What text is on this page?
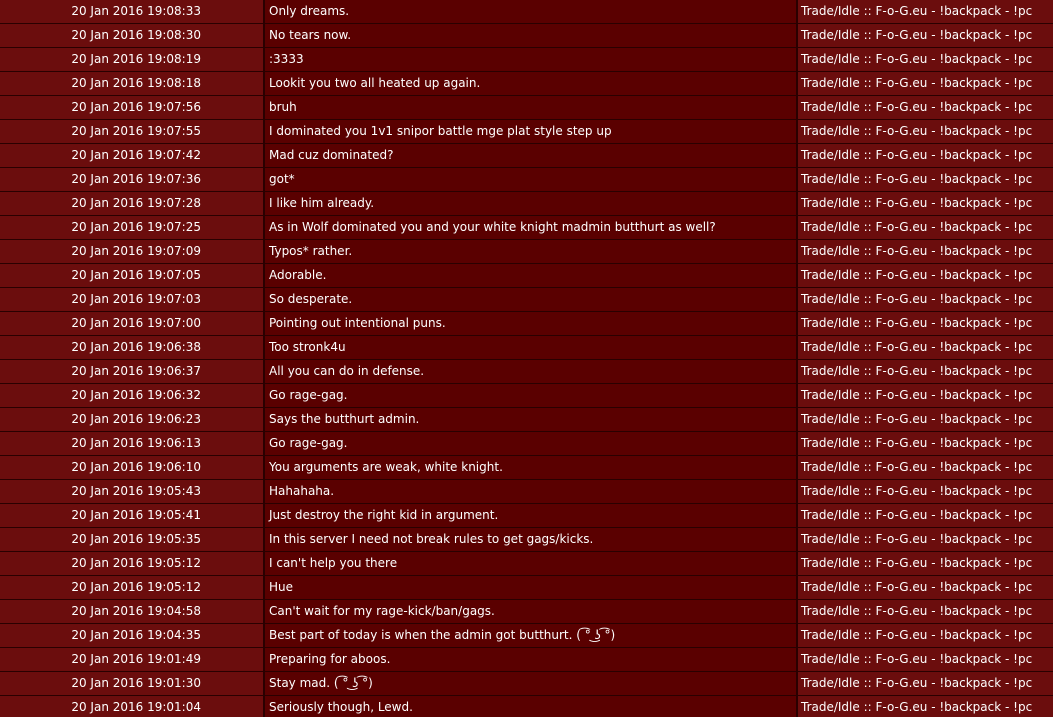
20 Jan 2016 19:08:33	Only dreams.	Trade/Idle :: F-o-G.eu - !backpack - !pc
20 Jan 2016 19:08:30	No tears now.	Trade/Idle :: F-o-G.eu - !backpack - !pc
20 Jan 2016 19:08:19	:3333	Trade/Idle :: F-o-G.eu - !backpack - !pc
20 Jan 2016 19:08:18	Lookit you two all heated up again.	Trade/Idle :: F-o-G.eu - !backpack - !pc
20 Jan 2016 19:07:56	bruh	Trade/Idle :: F-o-G.eu - !backpack - !pc
20 Jan 2016 19:07:55	I dominated you 1v1 snipor battle mge plat style step up	Trade/Idle :: F-o-G.eu - !backpack - !pc
20 Jan 2016 19:07:42	Mad cuz dominated?	Trade/Idle :: F-o-G.eu - !backpack - !pc
20 Jan 2016 19:07:36	got*	Trade/Idle :: F-o-G.eu - !backpack - !pc
20 Jan 2016 19:07:28	I like him already.	Trade/Idle :: F-o-G.eu - !backpack - !pc
20 Jan 2016 19:07:25	As in Wolf dominated you and your white knight madmin butthurt as well?	Trade/Idle :: F-o-G.eu - !backpack - !pc
20 Jan 2016 19:07:09	Typos* rather.	Trade/Idle :: F-o-G.eu - !backpack - !pc
20 Jan 2016 19:07:05	Adorable.	Trade/Idle :: F-o-G.eu - !backpack - !pc
20 Jan 2016 19:07:03	So desperate.	Trade/Idle :: F-o-G.eu - !backpack - !pc
20 Jan 2016 19:07:00	Pointing out intentional puns.	Trade/Idle :: F-o-G.eu - !backpack - !pc
20 Jan 2016 19:06:38	Too stronk4u	Trade/Idle :: F-o-G.eu - !backpack - !pc
20 Jan 2016 19:06:37	All you can do in defense.	Trade/Idle :: F-o-G.eu - !backpack - !pc
20 Jan 2016 19:06:32	Go rage-gag.	Trade/Idle :: F-o-G.eu - !backpack - !pc
20 Jan 2016 19:06:23	Says the butthurt admin.	Trade/Idle :: F-o-G.eu - !backpack - !pc
20 Jan 2016 19:06:13	Go rage-gag.	Trade/Idle :: F-o-G.eu - !backpack - !pc
20 Jan 2016 19:06:10	You arguments are weak, white knight.	Trade/Idle :: F-o-G.eu - !backpack - !pc
20 Jan 2016 19:05:43	Hahahaha.	Trade/Idle :: F-o-G.eu - !backpack - !pc
20 Jan 2016 19:05:41	Just destroy the right kid in argument.	Trade/Idle :: F-o-G.eu - !backpack - !pc
20 Jan 2016 19:05:35	In this server I need not break rules to get gags/kicks.	Trade/Idle :: F-o-G.eu - !backpack - !pc
20 Jan 2016 19:05:12	I can't help you there	Trade/Idle :: F-o-G.eu - !backpack - !pc
20 Jan 2016 19:05:12	Hue	Trade/Idle :: F-o-G.eu - !backpack - !pc
20 Jan 2016 19:04:58	Can't wait for my rage-kick/ban/gags.	Trade/Idle :: F-o-G.eu - !backpack - !pc
20 Jan 2016 19:04:35	Best part of today is when the admin got butthurt. ( ͡° ͜ʖ ͡°)	Trade/Idle :: F-o-G.eu - !backpack - !pc
20 Jan 2016 19:01:49	Preparing for aboos.	Trade/Idle :: F-o-G.eu - !backpack - !pc
20 Jan 2016 19:01:30	Stay mad. ( ͡° ͜ʖ ͡°)	Trade/Idle :: F-o-G.eu - !backpack - !pc
20 Jan 2016 19:01:04	Seriously though, Lewd.	Trade/Idle :: F-o-G.eu - !backpack - !pc
